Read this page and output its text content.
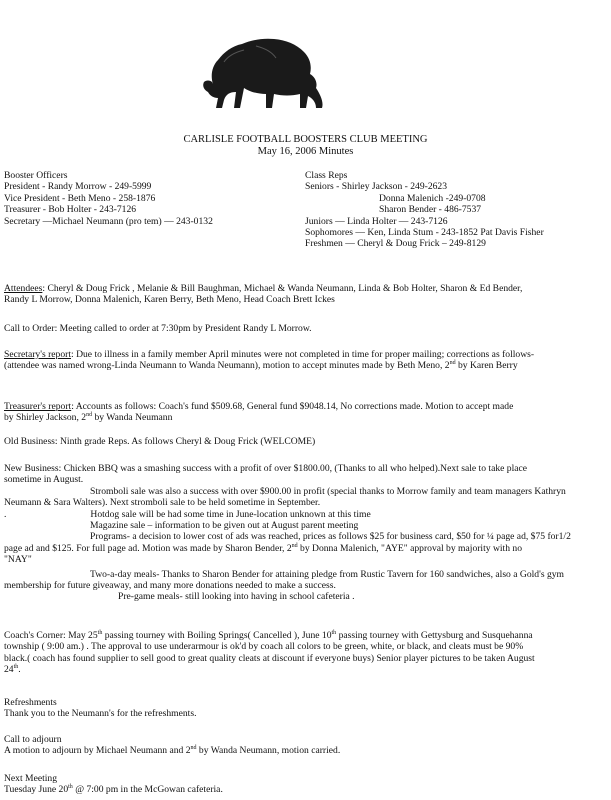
CARLISLE FOOTBALL BOOSTERS CLUB MEETING
May 16, 2006 Minutes
Booster Officers
President - Randy Morrow - 249-5999
Vice President - Beth Meno - 258-1876
Treasurer - Bob Holter - 243-7126
Secretary —Michael Neumann (pro tem) — 243-0132
Class Reps
Seniors - Shirley Jackson - 249-2623
Donna Malenich -249-0708
Sharon Bender - 486-7537
Juniors — Linda Holter — 243-7126
Sophomores — Ken, Linda Stum - 243-1852 Pat Davis Fisher
Freshmen — Cheryl & Doug Frick – 249-8129
Attendees: Cheryl & Doug Frick , Melanie & Bill Baughman, Michael & Wanda Neumann, Linda & Bob Holter, Sharon & Ed Bender,
Randy L Morrow, Donna Malenich, Karen Berry, Beth Meno, Head Coach Brett Ickes
Call to Order: Meeting called to order at 7:30pm by President Randy L Morrow.
Secretary's report: Due to illness in a family member April minutes were not completed in time for proper mailing; corrections as follows-
(attendee was named wrong-Linda Neumann to Wanda Neumann), motion to accept minutes made by Beth Meno, 2nd by Karen Berry
Treasurer's report: Accounts as follows: Coach's fund $509.68, General fund $9048.14, No corrections made. Motion to accept made
by Shirley Jackson, 2nd by Wanda Neumann
Old Business: Ninth grade Reps. As follows Cheryl & Doug Frick (WELCOME)
New Business: Chicken BBQ was a smashing success with a profit of over $1800.00, (Thanks to all who helped).Next sale to take place
sometime in August.
Stromboli sale was also a success with over $900.00 in profit (special thanks to Morrow family and team managers Kathryn
Neumann & Sara Walters). Next stromboli sale to be held sometime in September.
.	Hotdog sale will be had some time in June-location unknown at this time
Magazine sale – information to be given out at August parent meeting
Programs- a decision to lower cost of ads was reached, prices as follows $25 for business card, $50 for ¼ page ad, $75 for1/2
page ad and $125. For full page ad. Motion was made by Sharon Bender, 2nd by Donna Malenich, "AYE" approval by majority with no
"NAY"
Two-a-day meals- Thanks to Sharon Bender for attaining pledge from Rustic Tavern for 160 sandwiches, also a Gold's gym
membership for future giveaway, and many more donations needed to make a success.
Pre-game meals- still looking into having in school cafeteria .
Coach's Corner: May 25th passing tourney with Boiling Springs( Cancelled ), June 10th passing tourney with Gettysburg and Susquehanna
township ( 9:00 am.) . The approval to use underarmour is ok'd by coach all colors to be green, white, or black, and cleats must be 90%
black.( coach has found supplier to sell good to great quality cleats at discount if everyone buys) Senior player pictures to be taken August
24th.
Refreshments
Thank you to the Neumann's for the refreshments.
Call to adjourn
A motion to adjourn by Michael Neumann and 2nd by Wanda Neumann, motion carried.
Next Meeting
Tuesday June 20th @ 7:00 pm in the McGowan cafeteria.
